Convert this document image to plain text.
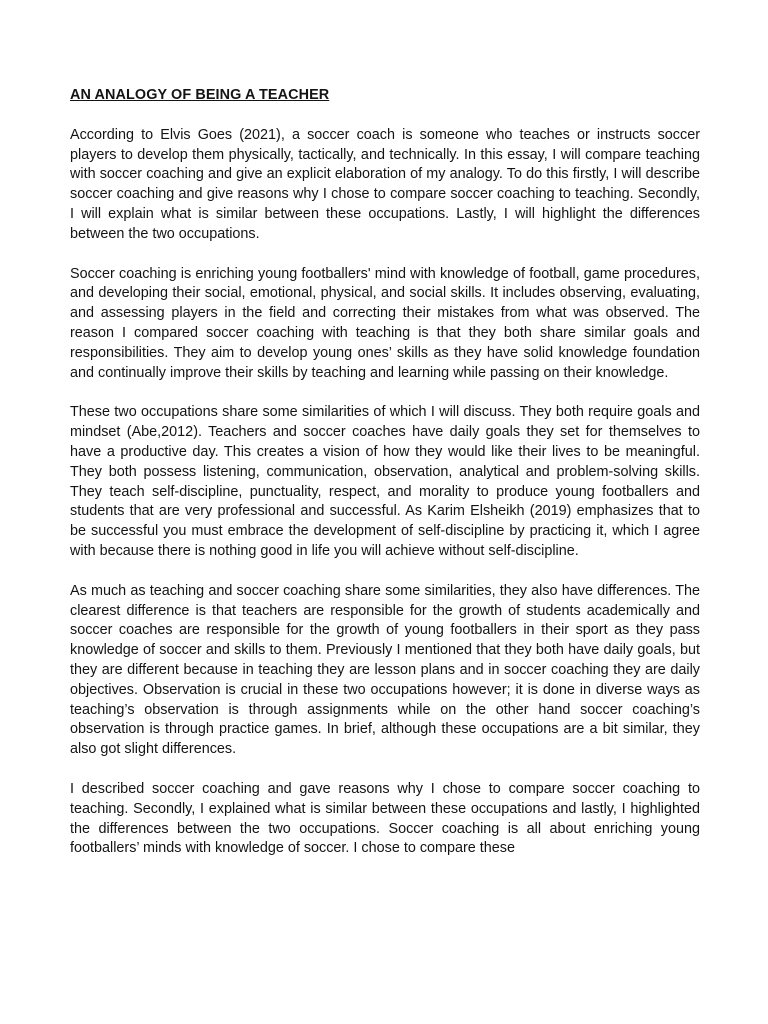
AN ANALOGY OF BEING A TEACHER

According to Elvis Goes (2021), a soccer coach is someone who teaches or instructs soccer players to develop them physically, tactically, and technically. In this essay, I will compare teaching with soccer coaching and give an explicit elaboration of my analogy. To do this firstly, I will describe soccer coaching and give reasons why I chose to compare soccer coaching to teaching. Secondly, I will explain what is similar between these occupations. Lastly, I will highlight the differences between the two occupations.

Soccer coaching is enriching young footballers' mind with knowledge of football, game procedures, and developing their social, emotional, physical, and social skills. It includes observing, evaluating, and assessing players in the field and correcting their mistakes from what was observed. The reason I compared soccer coaching with teaching is that they both share similar goals and responsibilities. They aim to develop young ones’ skills as they have solid knowledge foundation and continually improve their skills by teaching and learning while passing on their knowledge.

These two occupations share some similarities of which I will discuss. They both require goals and mindset (Abe,2012). Teachers and soccer coaches have daily goals they set for themselves to have a productive day. This creates a vision of how they would like their lives to be meaningful. They both possess listening, communication, observation, analytical and problem-solving skills. They teach self-discipline, punctuality, respect, and morality to produce young footballers and students that are very professional and successful. As Karim Elsheikh (2019) emphasizes that to be successful you must embrace the development of self-discipline by practicing it, which I agree with because there is nothing good in life you will achieve without self-discipline.

As much as teaching and soccer coaching share some similarities, they also have differences. The clearest difference is that teachers are responsible for the growth of students academically and soccer coaches are responsible for the growth of young footballers in their sport as they pass knowledge of soccer and skills to them. Previously I mentioned that they both have daily goals, but they are different because in teaching they are lesson plans and in soccer coaching they are daily objectives. Observation is crucial in these two occupations however; it is done in diverse ways as teaching’s observation is through assignments while on the other hand soccer coaching’s observation is through practice games. In brief, although these occupations are a bit similar, they also got slight differences.

I described soccer coaching and gave reasons why I chose to compare soccer coaching to teaching. Secondly, I explained what is similar between these occupations and lastly, I highlighted the differences between the two occupations. Soccer coaching is all about enriching young footballers’ minds with knowledge of soccer. I chose to compare these
